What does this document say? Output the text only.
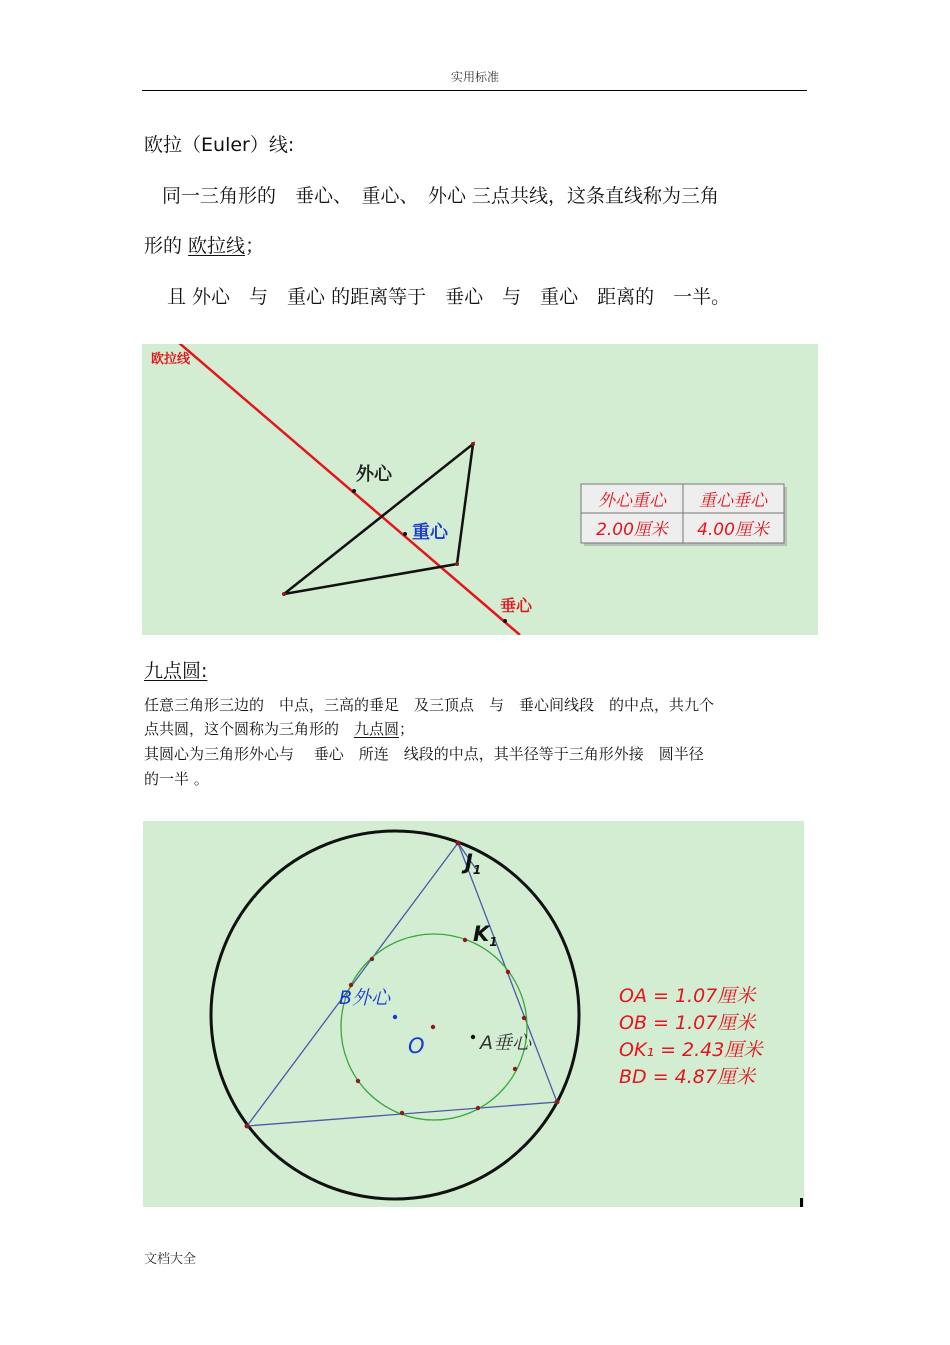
实用标准
欧拉（Euler）线:
同一三角形的　垂心、　重心、　外心 三点共线，这条直线称为三角
形的 欧拉线；
且 外心　与　重心 的距离等于　垂心　与　重心　距离的　一半。
欧拉线
外心
重心
垂心
外心重心 重心垂心
2.00厘米 4.00厘米
九点圆:
任意三角形三边的　中点，三高的垂足　及三顶点　与　垂心间线段　的中点，共九个
点共圆，这个圆称为三角形的　九点圆；
其圆心为三角形外心与　 垂心　所连　线段的中点，其半径等于三角形外接　圆半径
的一半 。
$J_1$
$K_1$
B外心
O	A垂心
OA = 1.07厘米
OB = 1.07厘米
OK₁ = 2.43厘米
BD = 4.87厘米
文档大全
